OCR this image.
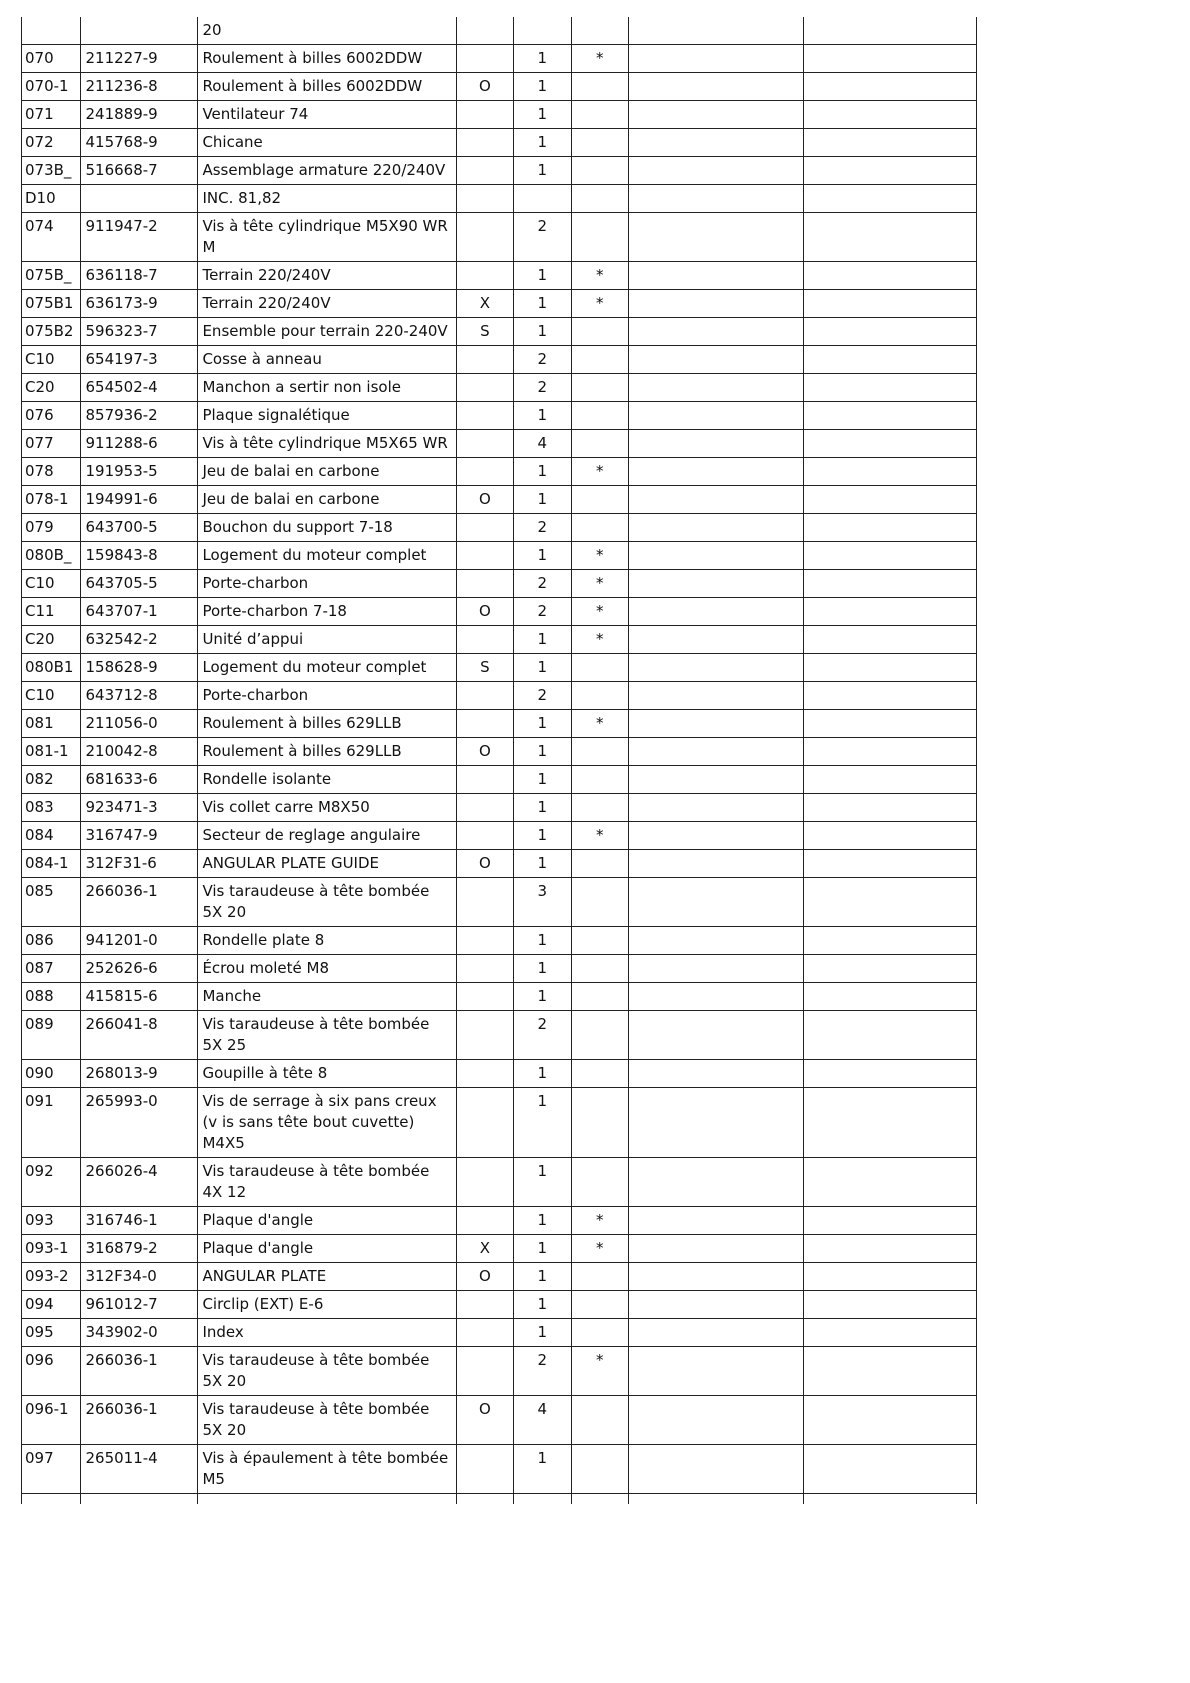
		20					
070	211227-9	Roulement à billes 6002DDW		1	*		
070-1	211236-8	Roulement à billes 6002DDW	O	1			
071	241889-9	Ventilateur 74		1			
072	415768-9	Chicane		1			
073B_	516668-7	Assemblage armature 220/240V		1			
D10		INC. 81,82					
074	911947-2	Vis à tête cylindrique M5X90 WR M		2			
075B_	636118-7	Terrain 220/240V		1	*		
075B1	636173-9	Terrain 220/240V	X	1	*		
075B2	596323-7	Ensemble pour terrain 220-240V	S	1			
C10	654197-3	Cosse à anneau		2			
C20	654502-4	Manchon a sertir non isole		2			
076	857936-2	Plaque signalétique		1			
077	911288-6	Vis à tête cylindrique M5X65 WR		4			
078	191953-5	Jeu de balai en carbone		1	*		
078-1	194991-6	Jeu de balai en carbone	O	1			
079	643700-5	Bouchon du support 7-18		2			
080B_	159843-8	Logement du moteur complet		1	*		
C10	643705-5	Porte-charbon		2	*		
C11	643707-1	Porte-charbon 7-18	O	2	*		
C20	632542-2	Unité d’appui		1	*		
080B1	158628-9	Logement du moteur complet	S	1			
C10	643712-8	Porte-charbon		2			
081	211056-0	Roulement à billes 629LLB		1	*		
081-1	210042-8	Roulement à billes 629LLB	O	1			
082	681633-6	Rondelle isolante		1			
083	923471-3	Vis collet carre M8X50		1			
084	316747-9	Secteur de reglage angulaire		1	*		
084-1	312F31-6	ANGULAR PLATE GUIDE	O	1			
085	266036-1	Vis taraudeuse à tête bombée 5X 20		3			
086	941201-0	Rondelle plate 8		1			
087	252626-6	Écrou moleté M8		1			
088	415815-6	Manche		1			
089	266041-8	Vis taraudeuse à tête bombée 5X 25		2			
090	268013-9	Goupille à tête 8		1			
091	265993-0	Vis de serrage à six pans creux (v is sans tête bout cuvette) M4X5		1			
092	266026-4	Vis taraudeuse à tête bombée 4X 12		1			
093	316746-1	Plaque d'angle		1	*		
093-1	316879-2	Plaque d'angle	X	1	*		
093-2	312F34-0	ANGULAR PLATE	O	1			
094	961012-7	Circlip (EXT) E-6		1			
095	343902-0	Index		1			
096	266036-1	Vis taraudeuse à tête bombée 5X 20		2	*		
096-1	266036-1	Vis taraudeuse à tête bombée 5X 20	O	4			
097	265011-4	Vis à épaulement à tête bombée M5		1			
